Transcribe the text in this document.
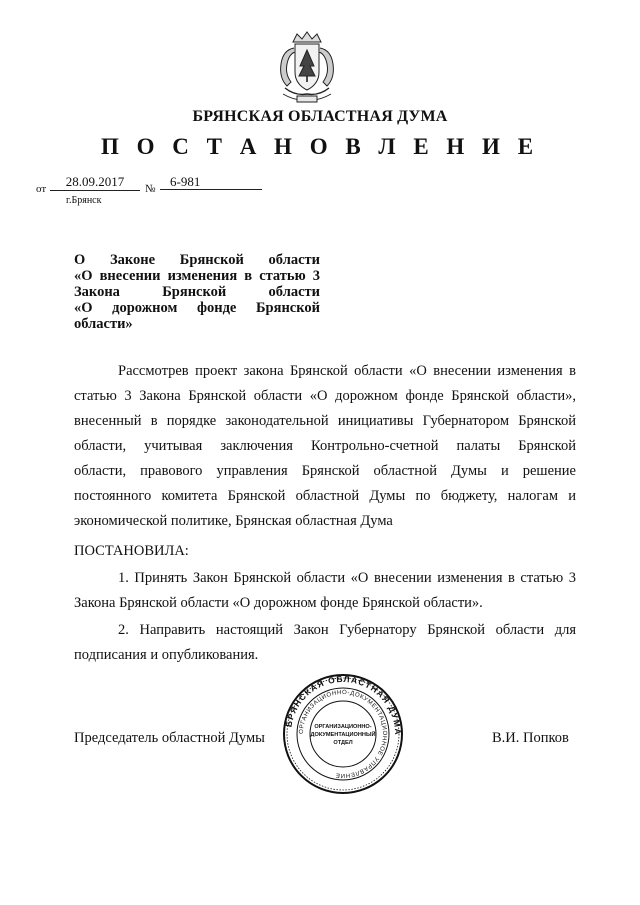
БРЯНСКАЯ ОБЛАСТНАЯ ДУМА
П О С Т А Н О В Л Е Н И Е
от	28.09.2017	№	6-981
г.Брянск
О Законе Брянской области
«О внесении изменения в статью 3
Закона Брянской области
«О дорожном фонде Брянской
области»
Рассмотрев проект закона Брянской области «О внесении изменения в
статью 3 Закона Брянской области «О дорожном фонде Брянской области»,
внесенный в порядке законодательной инициативы Губернатором Брянской
области, учитывая заключения Контрольно-счетной палаты Брянской
области, правового управления Брянской областной Думы и решение
постоянного комитета Брянской областной Думы по бюджету, налогам и
экономической политике, Брянская областная Дума
ПОСТАНОВИЛА:
1. Принять Закон Брянской области «О внесении изменения в статью 3
Закона Брянской области «О дорожном фонде Брянской области».
2. Направить настоящий Закон Губернатору Брянской области для
подписания и опубликования.
Председатель областной Думы	В.И. Попков
БРЯНСКАЯ ОБЛАСТНАЯ ДУМА
ОРГАНИЗАЦИОННО-ДОКУМЕНТАЦИОННОЕ УПРАВЛЕНИЕ
ОРГАНИЗАЦИОННО-
ДОКУМЕНТАЦИОННЫЙ
ОТДЕЛ
